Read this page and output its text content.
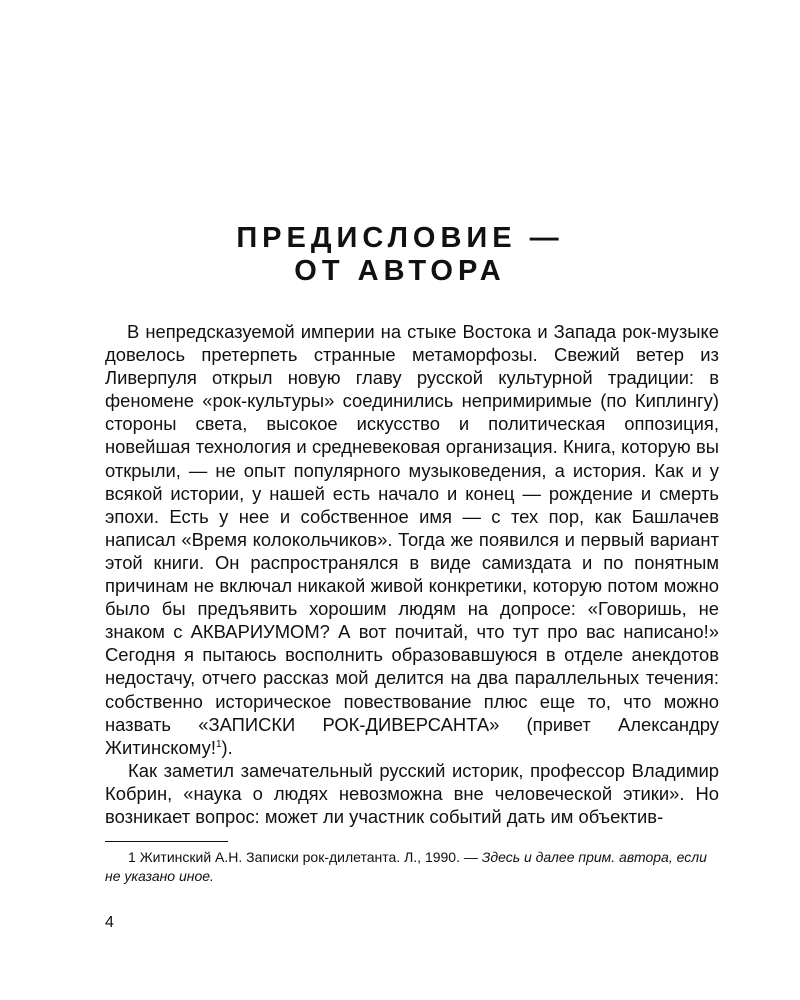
ПРЕДИСЛОВИЕ —
ОТ АВТОРА

В непредсказуемой империи на стыке Востока и Запада рок-музыке довелось претерпеть странные метаморфозы. Свежий ветер из Ливерпуля открыл новую главу русской культурной традиции: в феномене «рок-культуры» соединились непримиримые (по Киплингу) стороны света, высокое искусство и политическая оппозиция, новейшая технология и средневековая организация. Книга, которую вы открыли, — не опыт популярного музыковедения, а история. Как и у всякой истории, у нашей есть начало и конец — рождение и смерть эпохи. Есть у нее и собственное имя — с тех пор, как Башлачев написал «Время колокольчиков». Тогда же появился и первый вариант этой книги. Он распространялся в виде самиздата и по понятным причинам не включал никакой живой конкретики, которую потом можно было бы предъявить хорошим людям на допросе: «Говоришь, не знаком с АКВАРИУМОМ? А вот почитай, что тут про вас написано!» Сегодня я пытаюсь восполнить образовавшуюся в отделе анекдотов недостачу, отчего рассказ мой делится на два параллельных течения: собственно историческое повествование плюс еще то, что можно назвать «ЗАПИСКИ РОК-ДИВЕРСАНТА» (привет Александру Житинскому!$^1$).

Как заметил замечательный русский историк, профессор Владимир Кобрин, «наука о людях невозможна вне человеческой этики». Но возникает вопрос: может ли участник событий дать им объектив-

1 Житинский А.Н. Записки рок-дилетанта. Л., 1990. — Здесь и далее прим. автора, если не указано иное.

4
